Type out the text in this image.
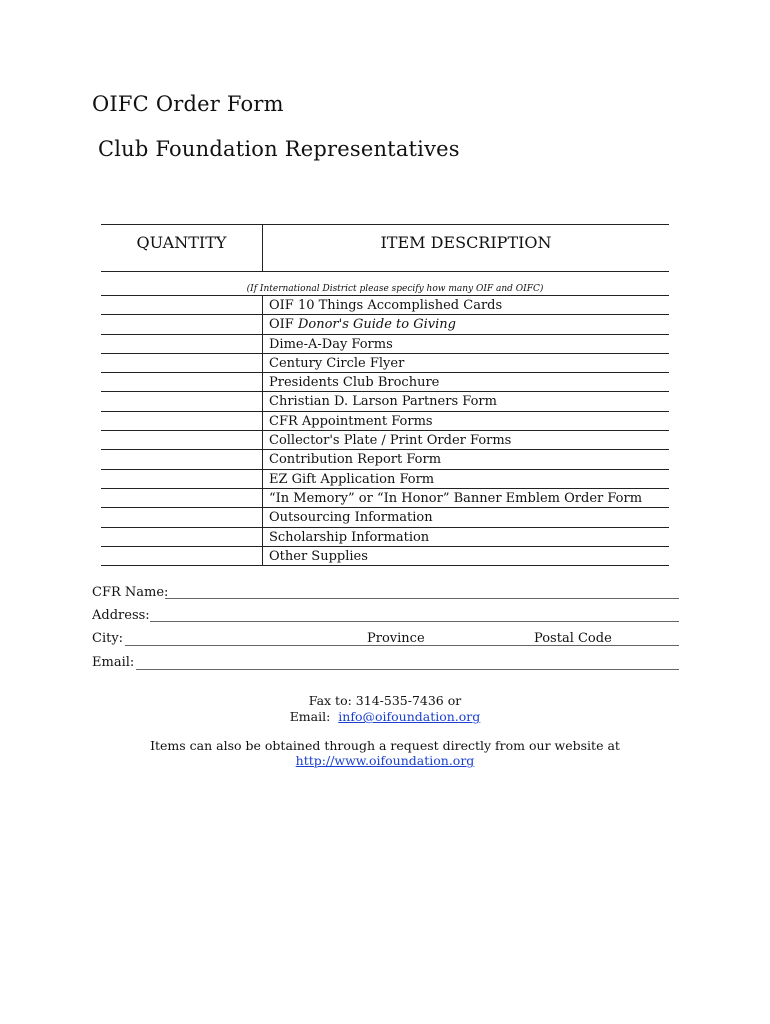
OIFC Order Form
Club Foundation Representatives
QUANTITY	ITEM DESCRIPTION
(If International District please specify how many OIF and OIFC)
OIF 10 Things Accomplished Cards
OIF Donor's Guide to Giving
Dime-A-Day Forms
Century Circle Flyer
Presidents Club Brochure
Christian D. Larson Partners Form
CFR Appointment Forms
Collector's Plate / Print Order Forms
Contribution Report Form
EZ Gift Application Form
“In Memory” or “In Honor” Banner Emblem Order Form
Outsourcing Information
Scholarship Information
Other Supplies
CFR Name:
Address:
City:	Province	Postal Code
Email:
Fax to: 314-535-7436 or
Email: info@oifoundation.org
Items can also be obtained through a request directly from our website at
http://www.oifoundation.org
